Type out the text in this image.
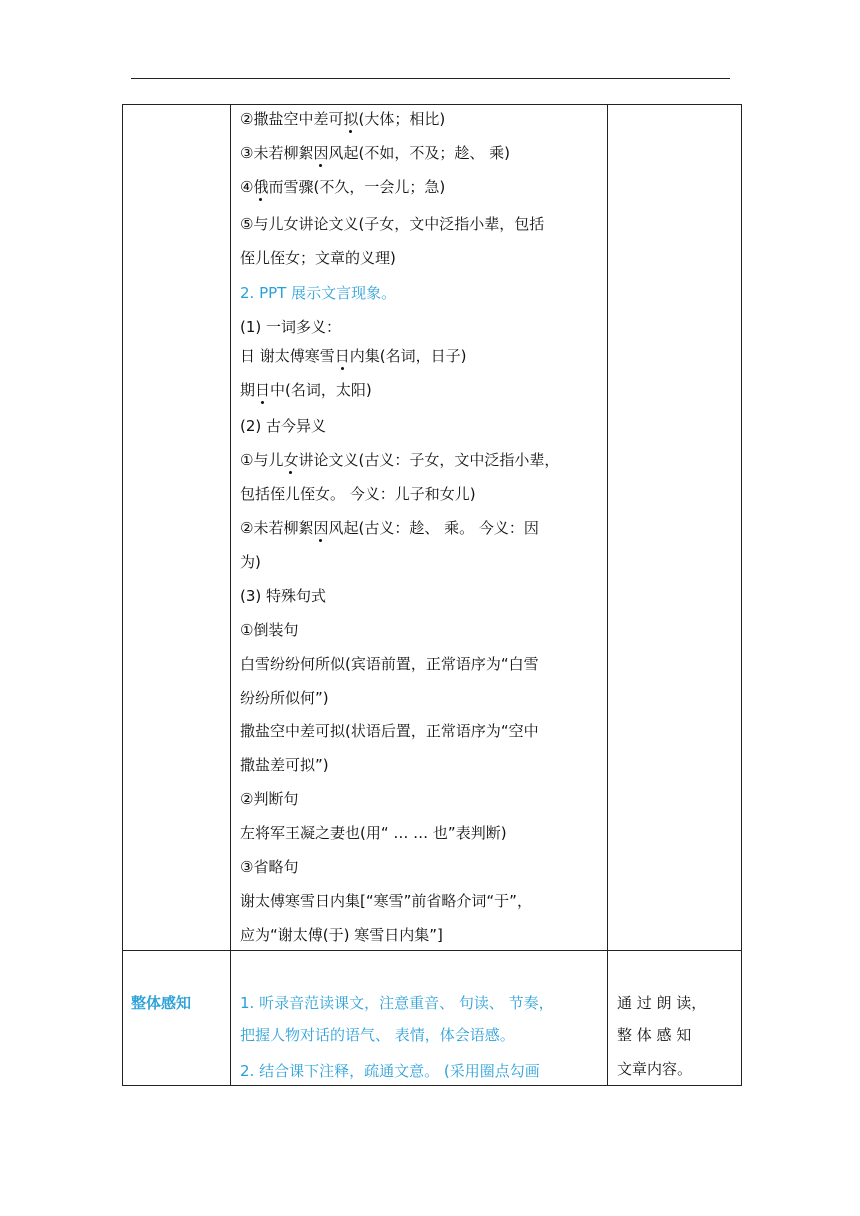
②撒盐空中差可拟(大体；相比)
③未若柳絮因风起(不如，不及；趁、 乘)
④俄而雪骤(不久，一会儿；急)
⑤与儿女讲论文义(子女，文中泛指小辈，包括
侄儿侄女；文章的义理)
2. PPT 展示文言现象。
(1) 一词多义：
日 谢太傅寒雪日内集(名词，日子)
期日中(名词，太阳)
(2) 古今异义
①与儿女讲论文义(古义：子女，文中泛指小辈，
包括侄儿侄女。 今义：儿子和女儿)
②未若柳絮因风起(古义：趁、 乘。 今义：因
为)
(3) 特殊句式
①倒装句
白雪纷纷何所似(宾语前置，正常语序为“白雪
纷纷所似何”)
撒盐空中差可拟(状语后置，正常语序为“空中
撒盐差可拟”)
②判断句
左将军王凝之妻也(用“ … … 也”表判断)
③省略句
谢太傅寒雪日内集[“寒雪”前省略介词“于”，
应为“谢太傅(于) 寒雪日内集”]
1. 听录音范读课文，注意重音、 句读、 节奏，
把握人物对话的语气、 表情，体会语感。
2. 结合课下注释，疏通文意。 (采用圈点勾画
整体感知	通 过 朗 读，
整 体 感 知
文章内容。
